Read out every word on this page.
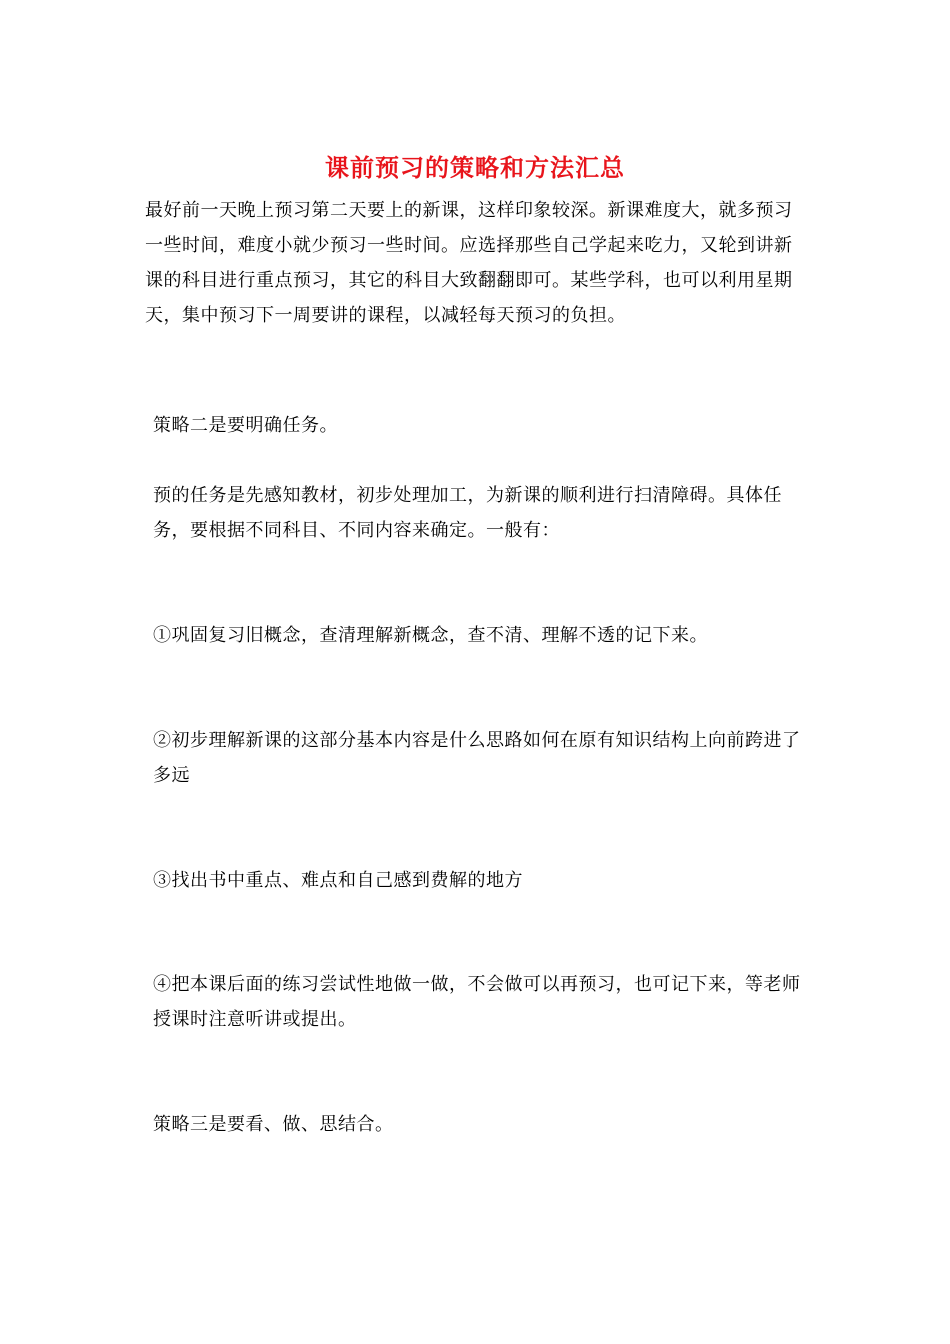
课前预习的策略和方法汇总

最好前一天晚上预习第二天要上的新课，这样印象较深。新课难度大，就多预习一些时间，难度小就少预习一些时间。应选择那些自己学起来吃力，又轮到讲新课的科目进行重点预习，其它的科目大致翻翻即可。某些学科，也可以利用星期天，集中预习下一周要讲的课程，以减轻每天预习的负担。

策略二是要明确任务。

预的任务是先感知教材，初步处理加工，为新课的顺利进行扫清障碍。具体任务，要根据不同科目、不同内容来确定。一般有：

①巩固复习旧概念，查清理解新概念，查不清、理解不透的记下来。

②初步理解新课的这部分基本内容是什么思路如何在原有知识结构上向前跨进了多远

③找出书中重点、难点和自己感到费解的地方

④把本课后面的练习尝试性地做一做，不会做可以再预习，也可记下来，等老师授课时注意听讲或提出。

策略三是要看、做、思结合。
